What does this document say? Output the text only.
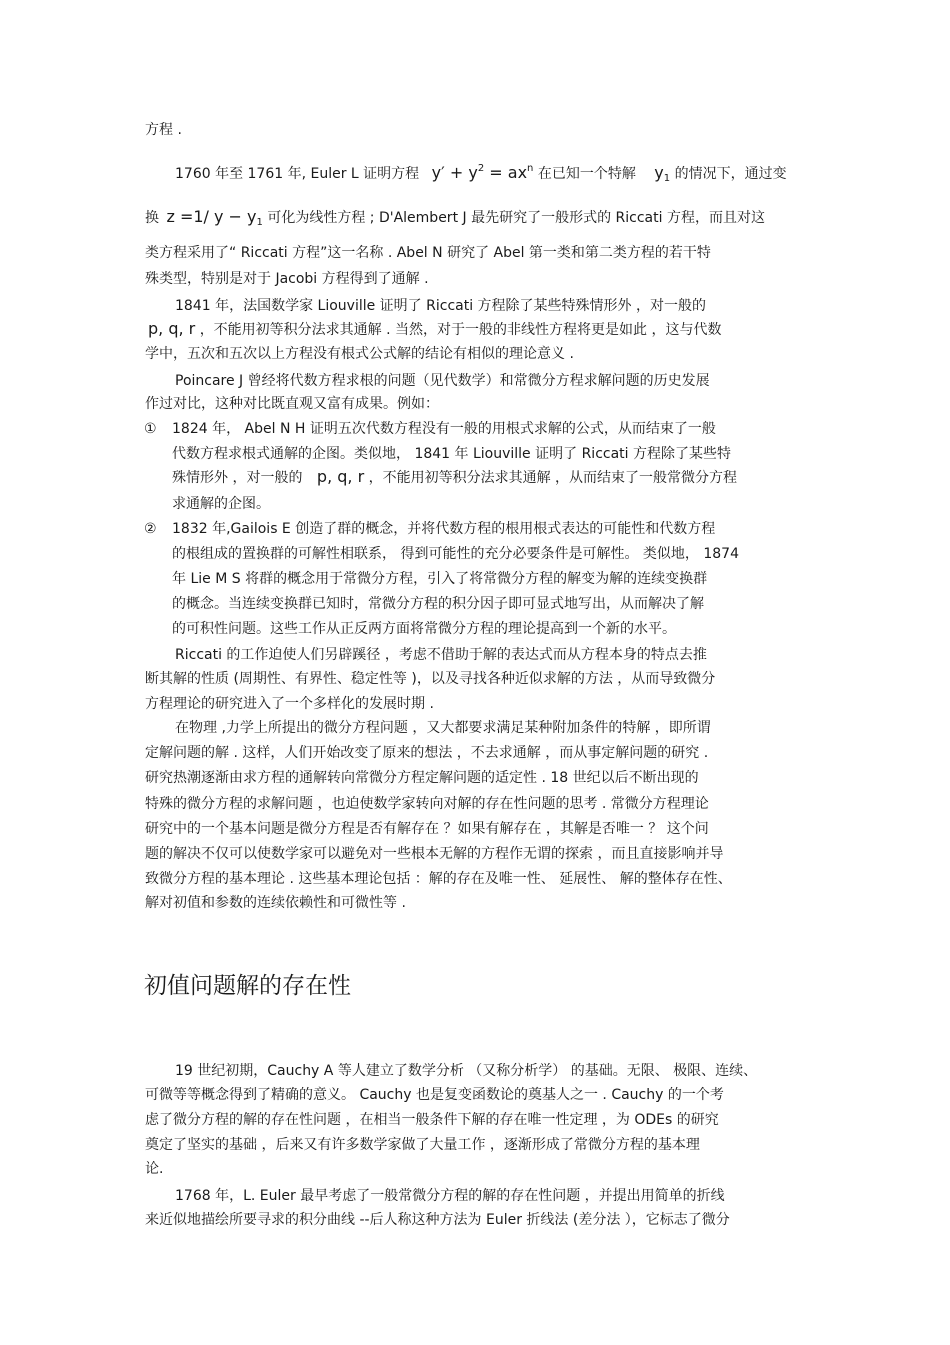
方程 .
1760 年至 1761 年, Euler L 证明方程 $y' + y^2 = ax^n$ 在已知一个特解 $y_1$ 的情况下，通过变
换 z =1/ $y - y_1$ 可化为线性方程 ; D'Alembert J 最先研究了一般形式的 Riccati 方程，而且对这
类方程采用了“ Riccati 方程”这一名称 . Abel N 研究了 Abel 第一类和第二类方程的若干特
殊类型，特别是对于 Jacobi 方程得到了通解 .
1841 年，法国数学家 Liouville 证明了 Riccati 方程除了某些特殊情形外 ，对一般的
p, q, r ，不能用初等积分法求其通解 . 当然，对于一般的非线性方程将更是如此 ，这与代数
学中，五次和五次以上方程没有根式公式解的结论有相似的理论意义 .
Poincare J 曾经将代数方程求根的问题（见代数学）和常微分方程求解问题的历史发展
作过对比，这种对比既直观又富有成果。例如：
① 1824 年， Abel N H 证明五次代数方程没有一般的用根式求解的公式，从而结束了一般
代数方程求根式通解的企图。类似地， 1841 年 Liouville 证明了 Riccati 方程除了某些特
殊情形外 ，对一般的 p, q, r ，不能用初等积分法求其通解 ，从而结束了一般常微分方程
求通解的企图。
② 1832 年,Gailois E 创造了群的概念，并将代数方程的根用根式表达的可能性和代数方程
的根组成的置换群的可解性相联系， 得到可能性的充分必要条件是可解性。 类似地， 1874
年 Lie M S 将群的概念用于常微分方程，引入了将常微分方程的解变为解的连续变换群
的概念。当连续变换群已知时，常微分方程的积分因子即可显式地写出，从而解决了解
的可积性问题。这些工作从正反两方面将常微分方程的理论提高到一个新的水平。
Riccati 的工作迫使人们另辟蹊径 ，考虑不借助于解的表达式而从方程本身的特点去推
断其解的性质 (周期性、有界性、稳定性等 )，以及寻找各种近似求解的方法 ，从而导致微分
方程理论的研究进入了一个多样化的发展时期 .
在物理 ,力学上所提出的微分方程问题 ，又大都要求满足某种附加条件的特解 ，即所谓
定解问题的解 . 这样，人们开始改变了原来的想法 ，不去求通解 ，而从事定解问题的研究 .
研究热潮逐渐由求方程的通解转向常微分方程定解问题的适定性 . 18 世纪以后不断出现的
特殊的微分方程的求解问题 ，也迫使数学家转向对解的存在性问题的思考 . 常微分方程理论
研究中的一个基本问题是微分方程是否有解存在 ？如果有解存在 ，其解是否唯一 ？ 这个问
题的解决不仅可以使数学家可以避免对一些根本无解的方程作无谓的探索 ，而且直接影响并导
致微分方程的基本理论 . 这些基本理论包括 ：解的存在及唯一性、 延展性、 解的整体存在性、
解对初值和参数的连续依赖性和可微性等 .
初值问题解的存在性
19 世纪初期，Cauchy A 等人建立了数学分析 （又称分析学） 的基础。无限、 极限、连续、
可微等等概念得到了精确的意义。 Cauchy 也是复变函数论的奠基人之一 . Cauchy 的一个考
虑了微分方程的解的存在性问题 ，在相当一般条件下解的存在唯一性定理 ，为 ODEs 的研究
奠定了坚实的基础 ，后来又有许多数学家做了大量工作 ，逐渐形成了常微分方程的基本理
论.
1768 年，L. Euler 最早考虑了一般常微分方程的解的存在性问题 ，并提出用简单的折线
来近似地描绘所要寻求的积分曲线 --后人称这种方法为 Euler 折线法 (差分法 ），它标志了微分
